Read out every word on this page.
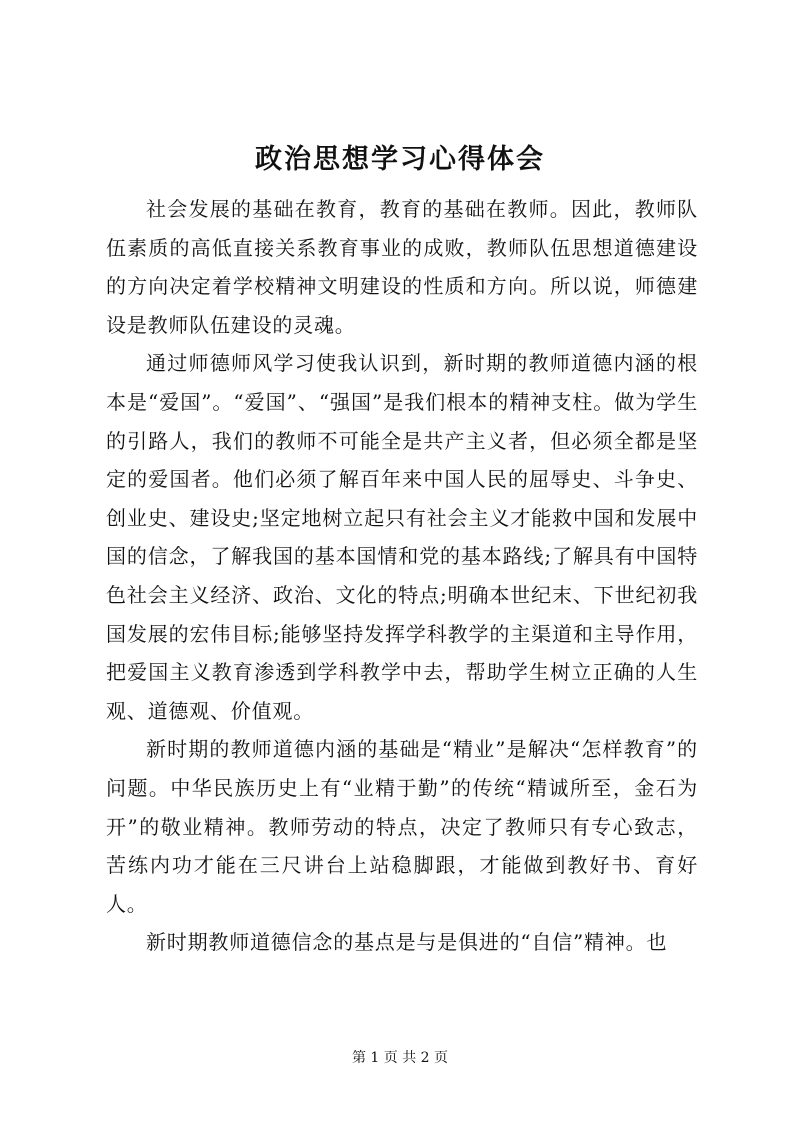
政治思想学习心得体会

社会发展的基础在教育，教育的基础在教师。因此，教师队伍素质的高低直接关系教育事业的成败，教师队伍思想道德建设的方向决定着学校精神文明建设的性质和方向。所以说，师德建设是教师队伍建设的灵魂。

通过师德师风学习使我认识到，新时期的教师道德内涵的根本是“爱国”。“爱国”、“强国”是我们根本的精神支柱。做为学生的引路人，我们的教师不可能全是共产主义者，但必须全都是坚定的爱国者。他们必须了解百年来中国人民的屈辱史、斗争史、创业史、建设史;坚定地树立起只有社会主义才能救中国和发展中国的信念，了解我国的基本国情和党的基本路线;了解具有中国特色社会主义经济、政治、文化的特点;明确本世纪末、下世纪初我国发展的宏伟目标;能够坚持发挥学科教学的主渠道和主导作用，把爱国主义教育渗透到学科教学中去，帮助学生树立正确的人生观、道德观、价值观。

新时期的教师道德内涵的基础是“精业”是解决“怎样教育”的问题。中华民族历史上有“业精于勤”的传统“精诚所至，金石为开”的敬业精神。教师劳动的特点，决定了教师只有专心致志，苦练内功才能在三尺讲台上站稳脚跟，才能做到教好书、育好人。

新时期教师道德信念的基点是与是俱进的“自信”精神。也

第 1 页 共 2 页
